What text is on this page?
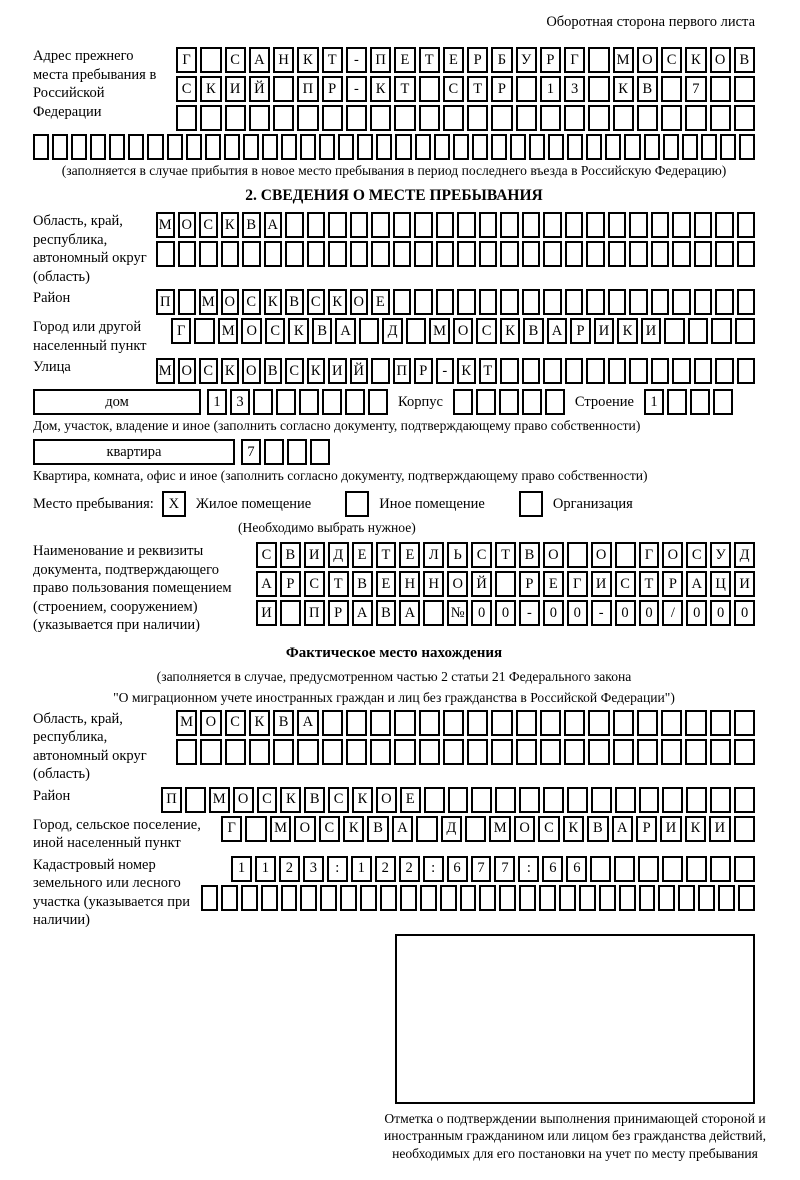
Оборотная сторона первого листа
Адрес прежнего места пребывания в Российской Федерации
Г	С А Н К	Т	-	П	Е	Т	Е	Р	Б	У	Р	Г	М О С	К О В
С	К И Й	П	Р	-	К	Т	С	Т	Р	1	3	К	В	7
(заполняется в случае прибытия в новое место пребывания в период последнего въезда в Российскую Федерацию)
2. СВЕДЕНИЯ О МЕСТЕ ПРЕБЫВАНИЯ
Область, край, республика, автономный округ (область)
М О С К В А
Район	П М О С К В С К О Е
Город или другой населенный пункт
Г	М О С К В А	Д	М О С К В А Р И К И
Улица	М О С К О В С К И Й П Р	- К Т
дом	1	3	Корпус	Строение	1
Дом, участок, владение и иное (заполнить согласно документу, подтверждающему право собственности)
квартира	7
Квартира, комната, офис и иное (заполнить согласно документу, подтверждающему право собственности)
Место пребывания:	X	Жилое помещение	Иное помещение	Организация
(Необходимо выбрать нужное)
Наименование и реквизиты документа, подтверждающего право пользования помещением (строением, сооружением) (указывается при наличии)
С В И Д	Е	Т	Е	Л	Ь	С	Т	В О	О	Г О С У Д
А	Р	С	Т	В	Е Н Н О Й	Р	Е	Г И С	Т	Р	А Ц И
И	П	Р	А В А	№ 0	0	-	0	0	-	0	0	/	0	0	0
Фактическое место нахождения
(заполняется в случае, предусмотренном частью 2 статьи 21 Федерального закона
"О миграционном учете иностранных граждан и лиц без гражданства в Российской Федерации")
Область, край, республика, автономный округ (область)
М О С	К	В А
Район	П	М О С К В С К О Е
Город, сельское поселение, иной населенный пункт
Г	М О С	К	В А	Д	М О С	К	В А	Р	И К И
Кадастровый номер земельного или лесного участка (указывается при наличии)
1	1	2	3	:	1	2	2	:	6	7	7	:	6	6
Отметка о подтверждении выполнения принимающей стороной и иностранным гражданином или лицом без гражданства действий, необходимых для его постановки на учет по месту пребывания
